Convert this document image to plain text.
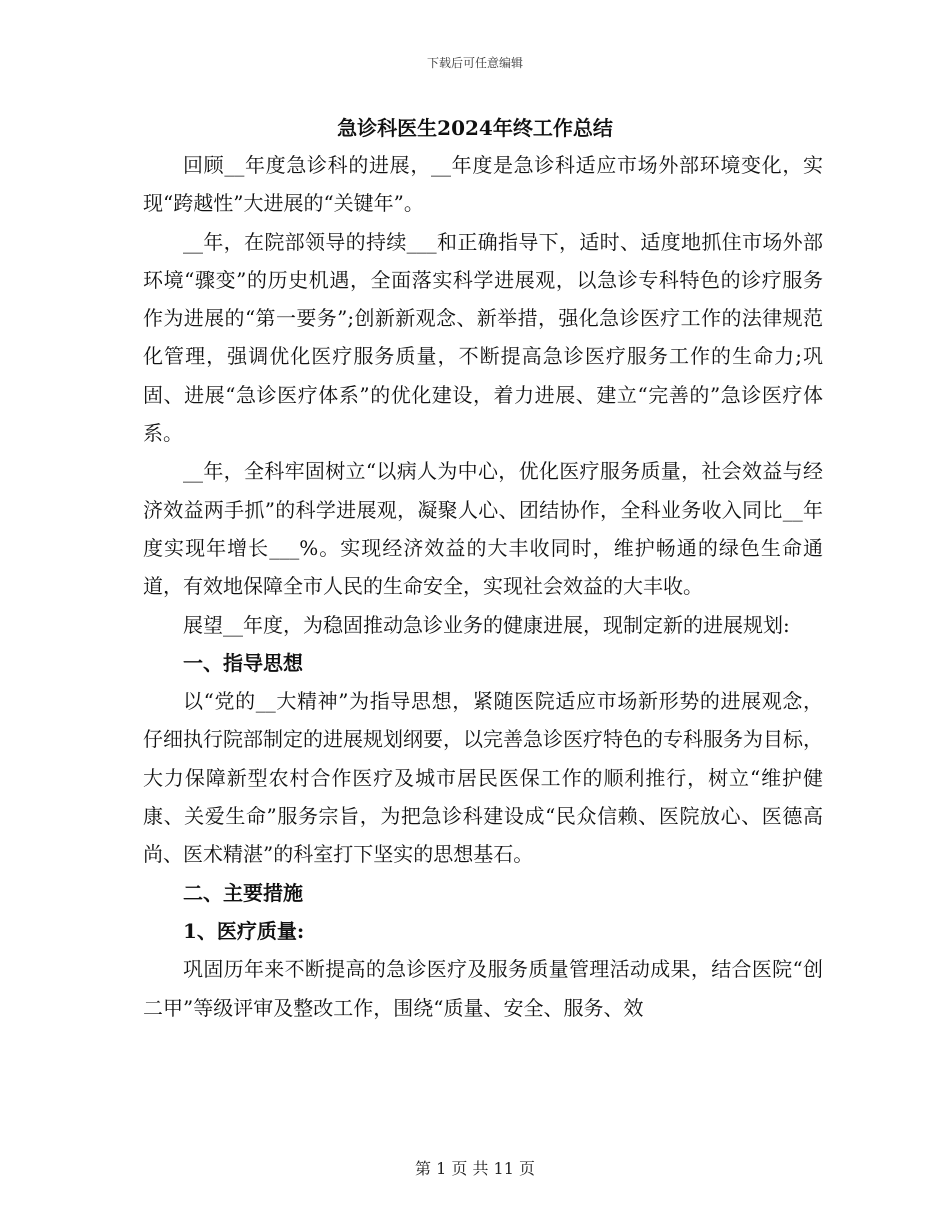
下载后可任意编辑
急诊科医生2024年终工作总结

回顾__年度急诊科的进展，__年度是急诊科适应市场外部环境变化，实现“跨越性”大进展的“关键年”。

__年，在院部领导的持续___和正确指导下，适时、适度地抓住市场外部环境“骤变”的历史机遇，全面落实科学进展观，以急诊专科特色的诊疗服务作为进展的“第一要务”;创新新观念、新举措，强化急诊医疗工作的法律规范化管理，强调优化医疗服务质量，不断提高急诊医疗服务工作的生命力;巩固、进展“急诊医疗体系”的优化建设，着力进展、建立“完善的”急诊医疗体系。

__年，全科牢固树立“以病人为中心，优化医疗服务质量，社会效益与经济效益两手抓”的科学进展观，凝聚人心、团结协作，全科业务收入同比__年度实现年增长___%。实现经济效益的大丰收同时，维护畅通的绿色生命通道，有效地保障全市人民的生命安全，实现社会效益的大丰收。

展望__年度，为稳固推动急诊业务的健康进展，现制定新的进展规划:

一、指导思想

以“党的__大精神”为指导思想，紧随医院适应市场新形势的进展观念，仔细执行院部制定的进展规划纲要，以完善急诊医疗特色的专科服务为目标，大力保障新型农村合作医疗及城市居民医保工作的顺利推行，树立“维护健康、关爱生命”服务宗旨，为把急诊科建设成“民众信赖、医院放心、医德高尚、医术精湛”的科室打下坚实的思想基石。

二、主要措施
1、医疗质量:

巩固历年来不断提高的急诊医疗及服务质量管理活动成果，结合医院“创二甲”等级评审及整改工作，围绕“质量、安全、服务、效

第 1 页 共 11 页
